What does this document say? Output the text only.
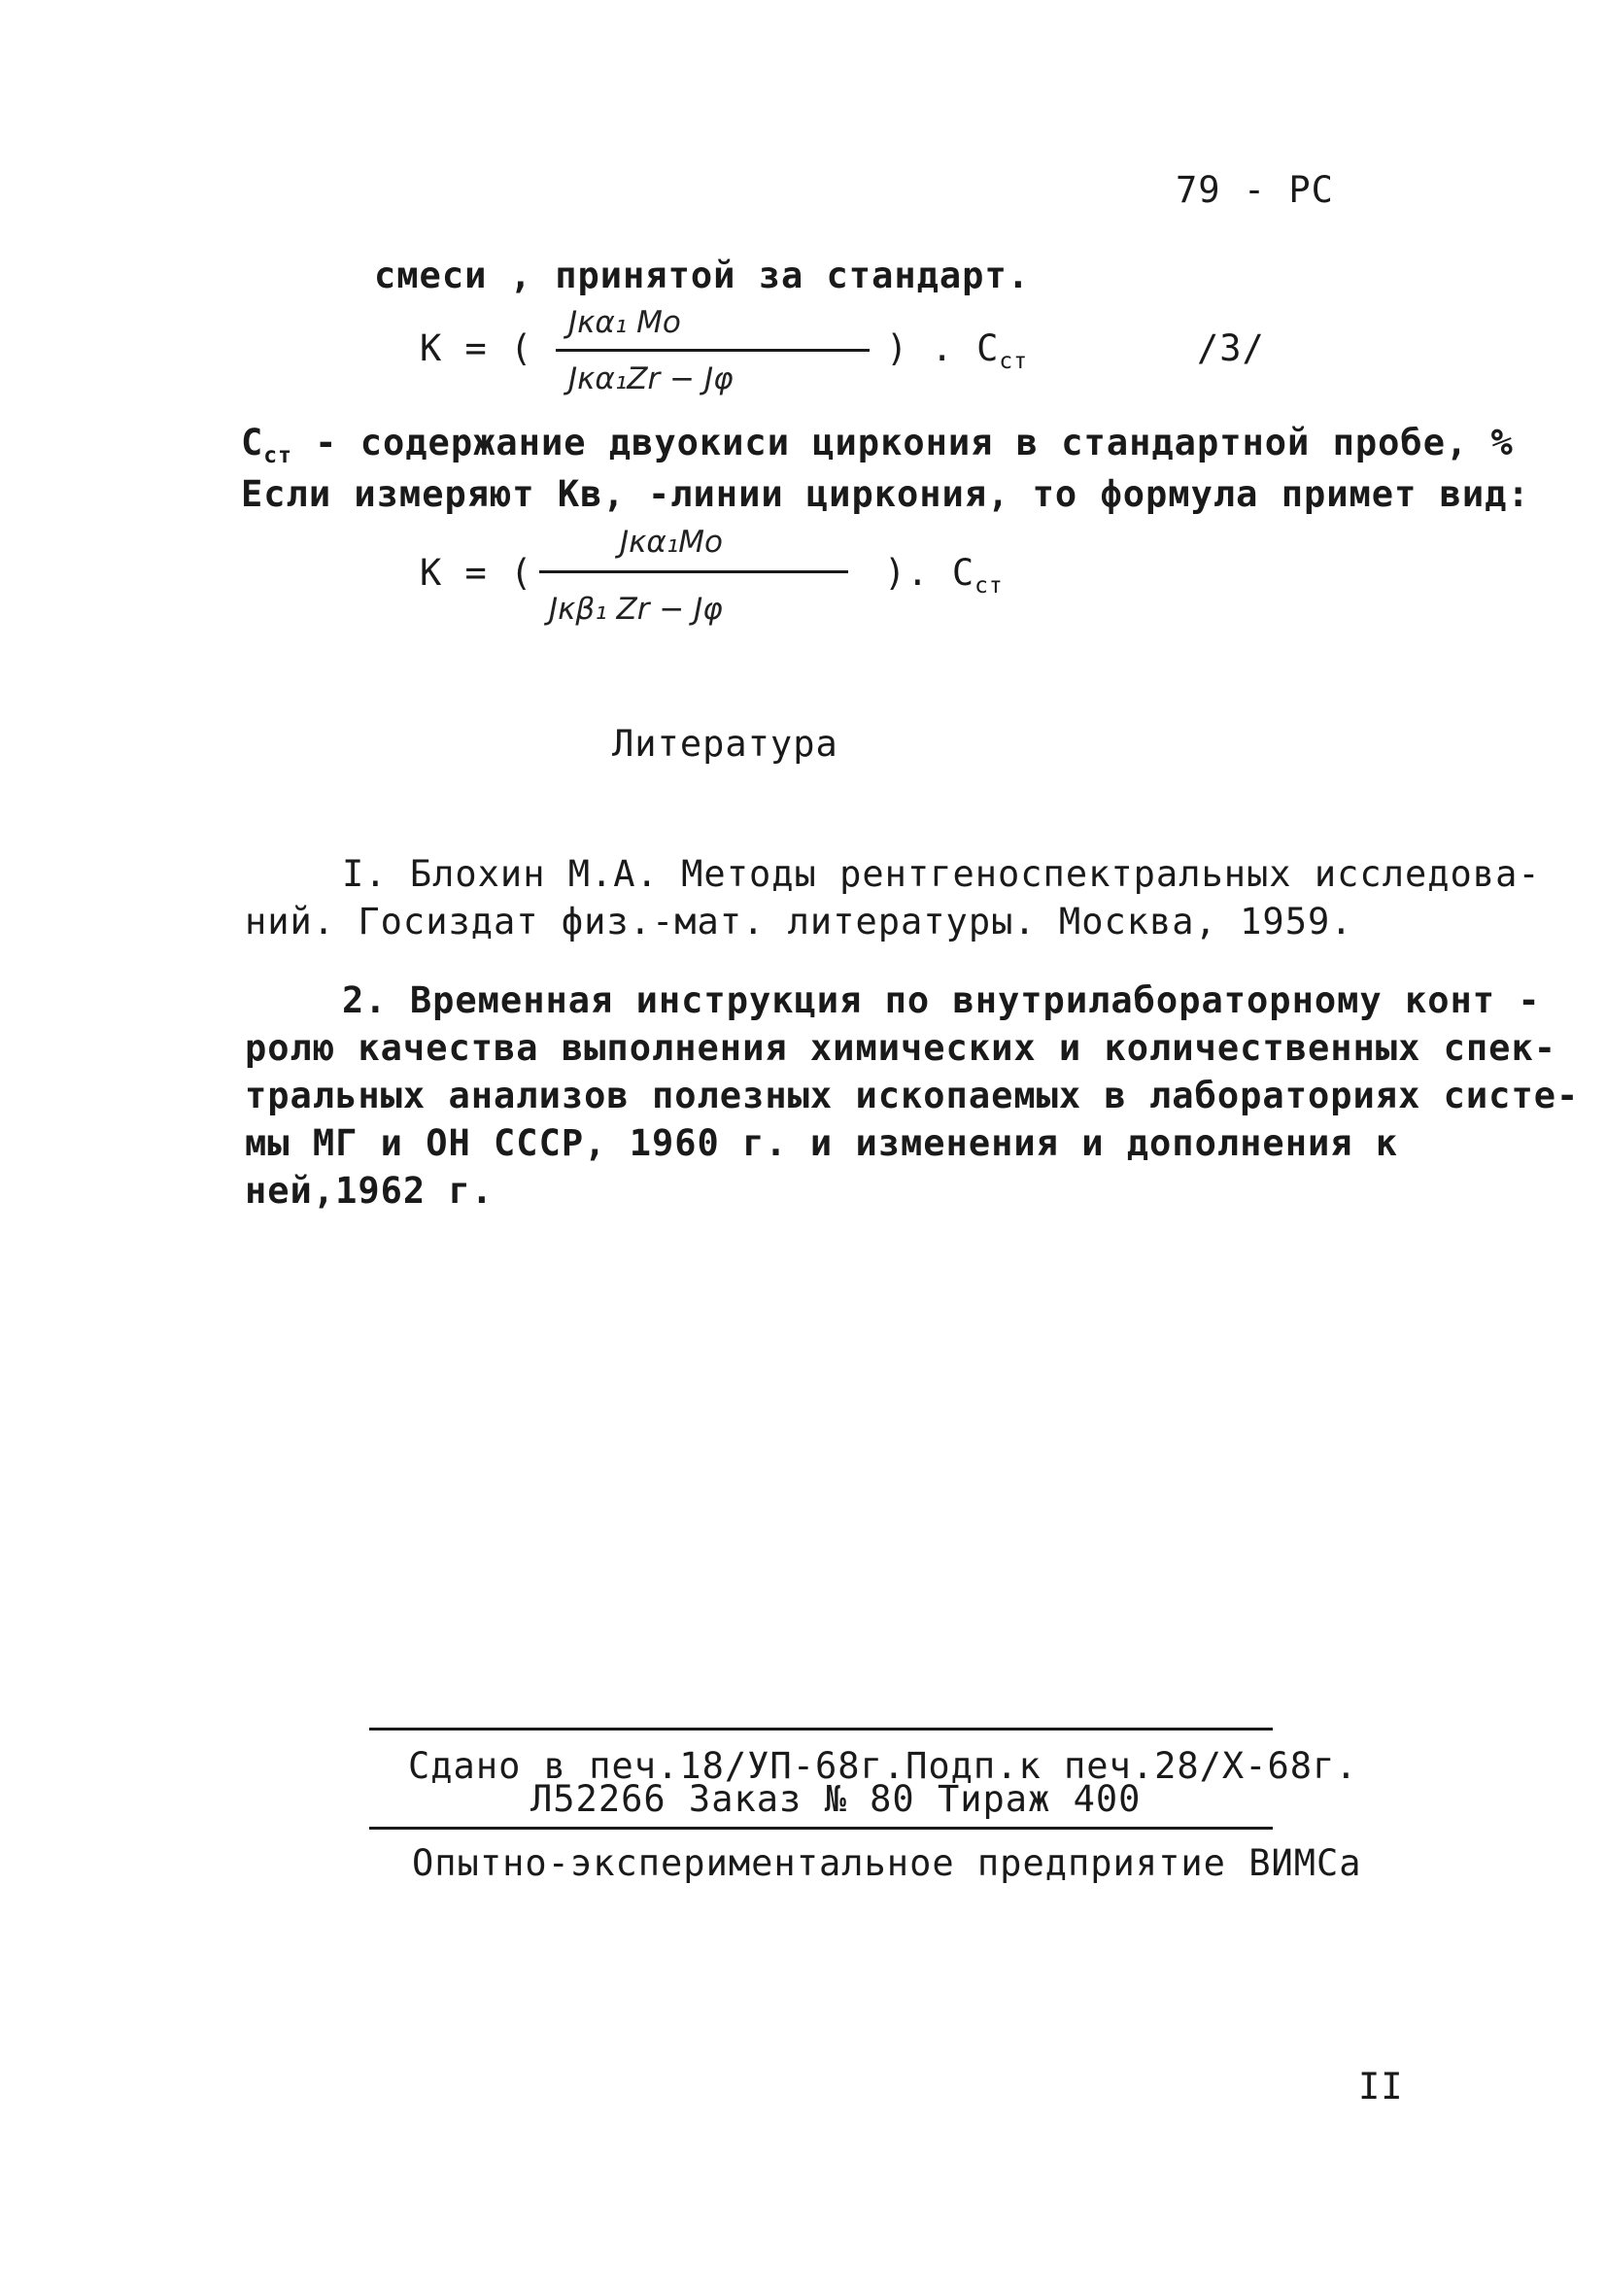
79 - РС
смеси , принятой за стандарт.
К = (
Jκα₁ Mo
Jκα₁Zr − Jφ
) . $C_{ст}$	/3/
$C_{ст}$ - содержание двуокиси циркония в стандартной пробе, %
Если измеряют Kв, -линии циркония, то формула примет вид:
К = (
Jκα₁Mo
Jκβ₁ Zr − Jφ
). $C_{ст}$
Литература
I. Блохин М.А. Методы рентгеноспектральных исследова-
ний. Госиздат физ.-мат. литературы. Москва, 1959.
2. Временная инструкция по внутрилабораторному конт -
ролю качества выполнения химических и количественных спек-
тральных анализов полезных ископаемых в лабораториях систе-
мы МГ и ОН СССР, 1960 г. и изменения и дополнения к
ней,1962 г.
Сдано в печ.18/УП-68г.Подп.к печ.28/Х-68г.
Л52266 Заказ № 80 Тираж 400
Опытно-экспериментальное предприятие ВИМСа
II
